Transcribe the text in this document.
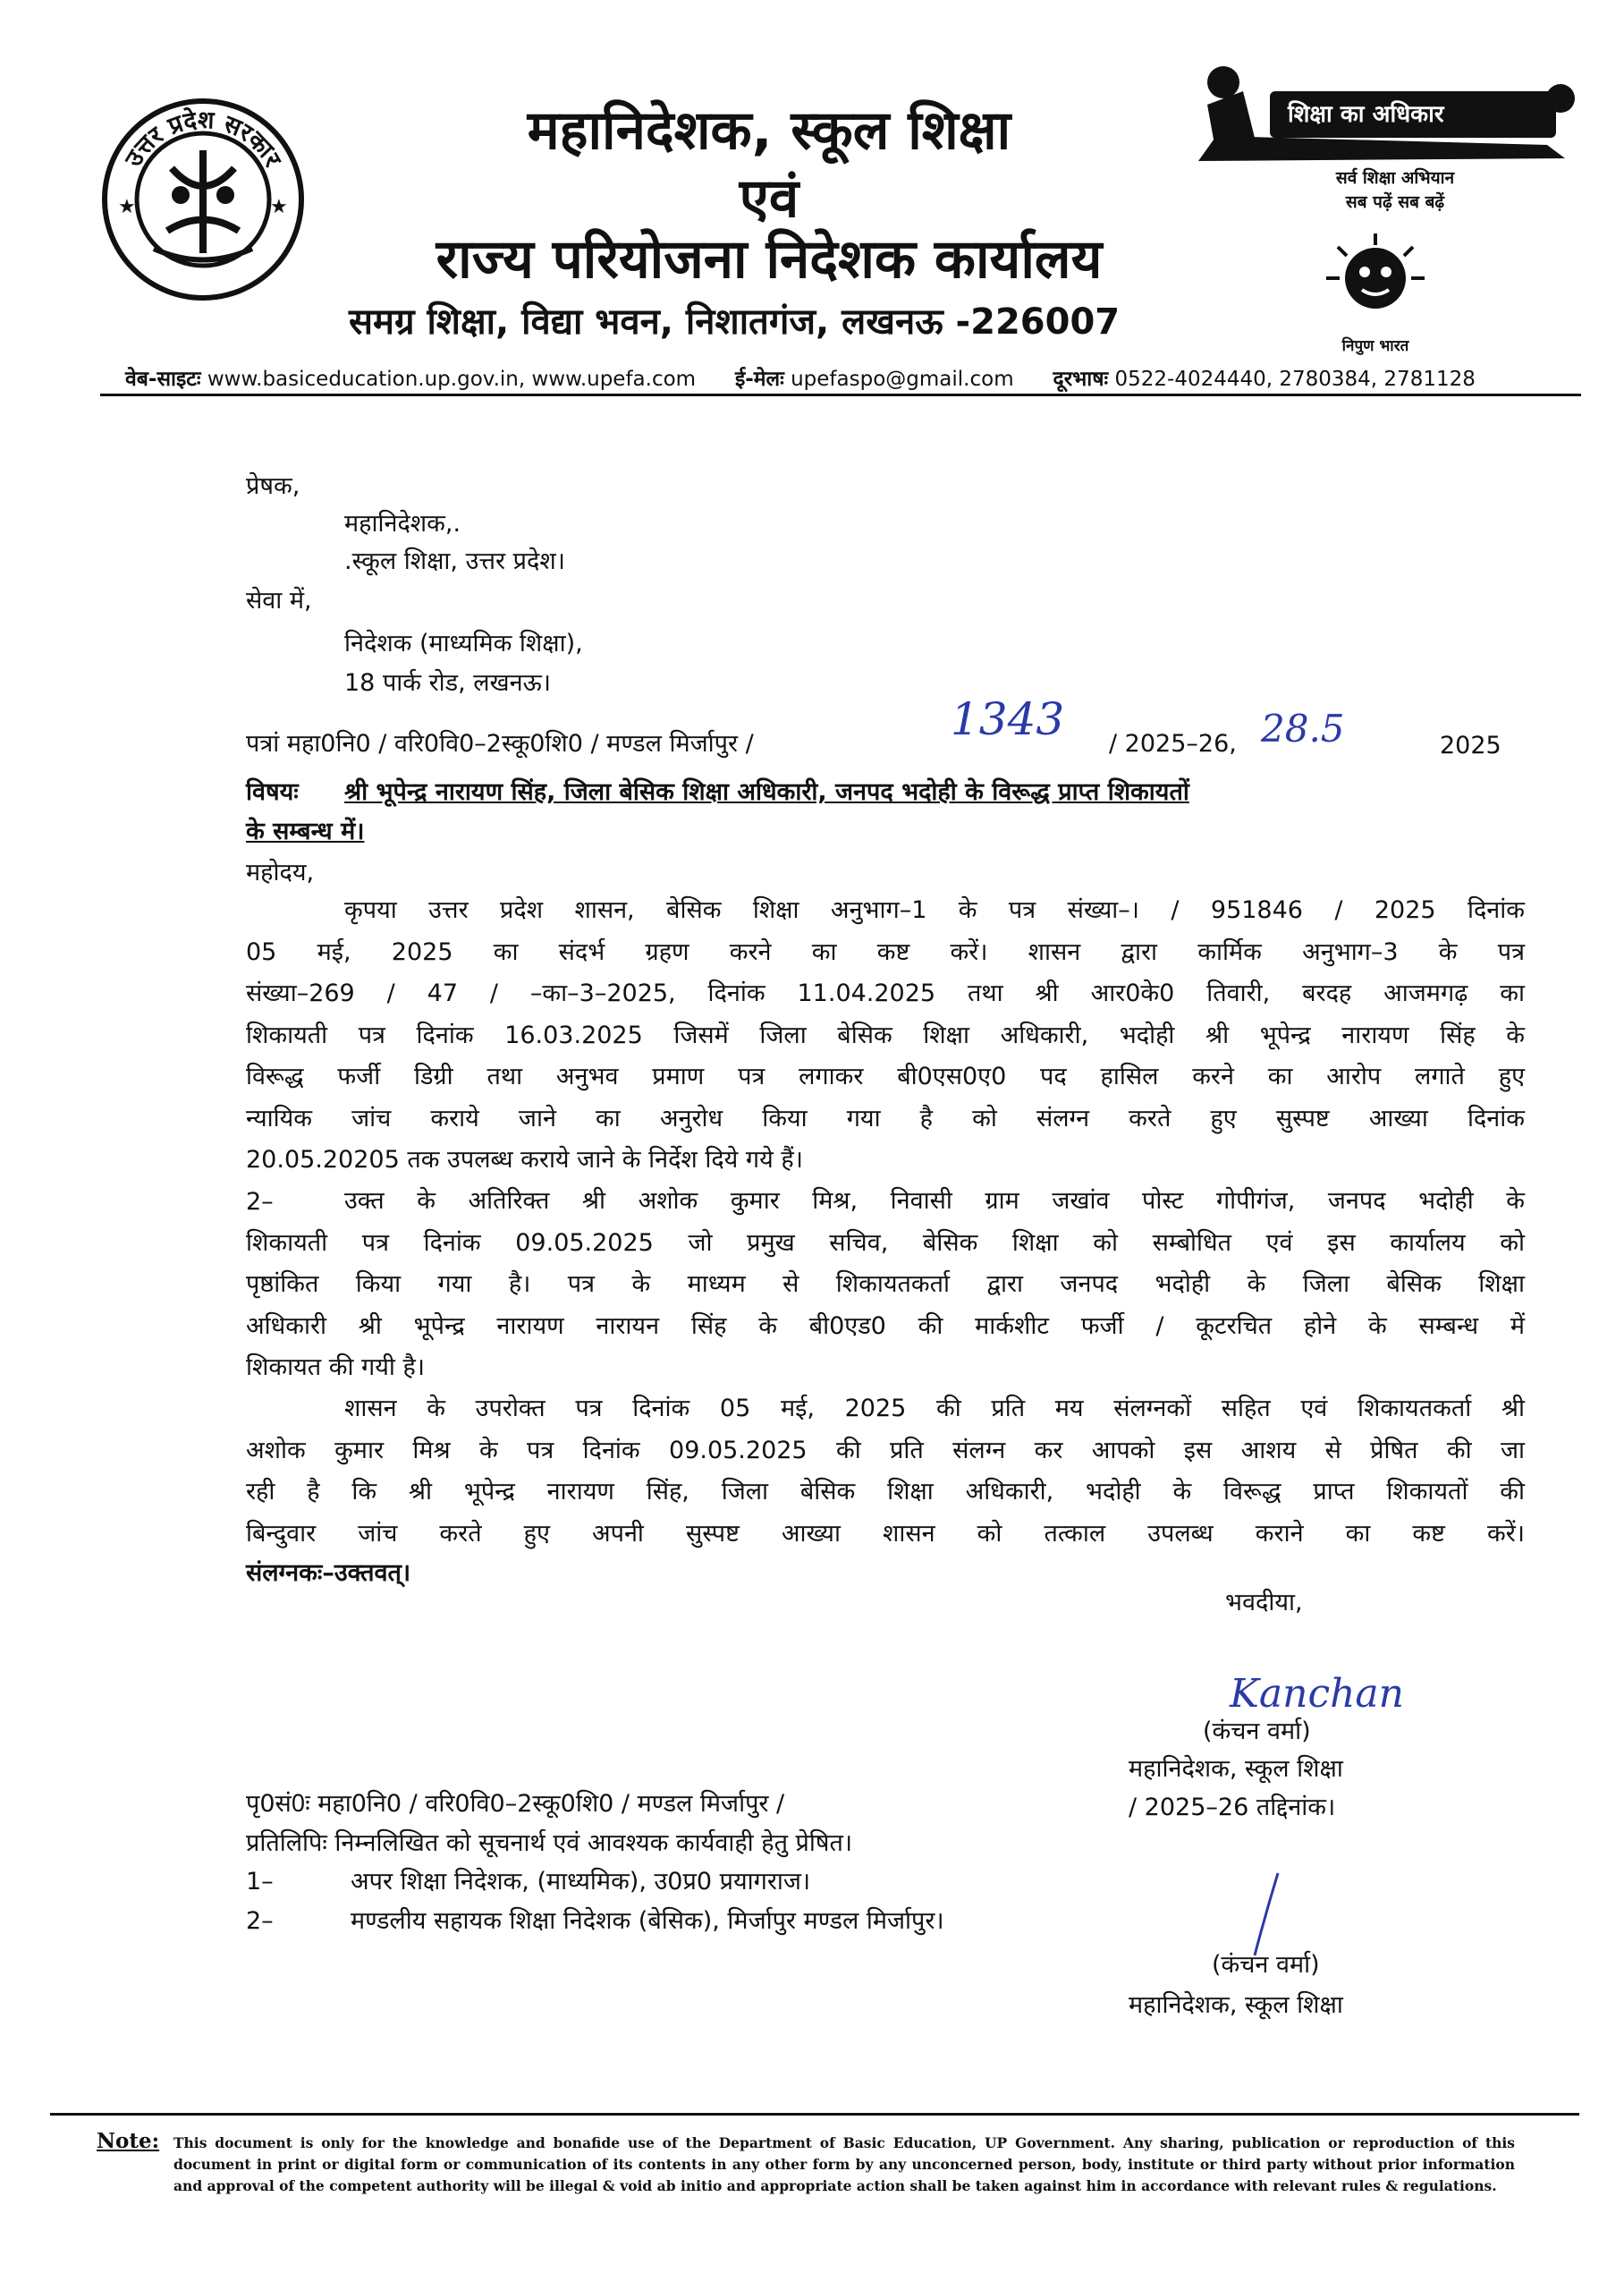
उत्तर प्रदेश सरकार
★	★
महानिदेशक, स्कूल शिक्षा
एवं
राज्य परियोजना निदेशक कार्यालय
समग्र शिक्षा, विद्या भवन, निशातगंज, लखनऊ -226007
शिक्षा का अधिकार
सर्व शिक्षा अभियान
सब पढ़ें सब बढ़ें
निपुण भारत
वेब-साइटः www.basiceducation.up.gov.in, www.upefa.com ई-मेलः upefaspo@gmail.com दूरभाषः 0522-4024440, 2780384, 2781128
प्रेषक,
महानिदेशक,.
.स्कूल शिक्षा, उत्तर प्रदेश।
सेवा में,
निदेशक (माध्यमिक शिक्षा),
18 पार्क रोड, लखनऊ।
पत्रां महा0नि0 / वरि0वि0–2स्कू0शि0 / मण्डल मिर्जापुर /	1343 / 2025–26, 28.5	2025
विषयः श्री भूपेन्द्र नारायण सिंह, जिला बेसिक शिक्षा अधिकारी, जनपद भदोही के विरूद्ध प्राप्त शिकायतों
के सम्बन्ध में।
महोदय,
कृपया उत्तर प्रदेश शासन, बेसिक शिक्षा अनुभाग–1 के पत्र संख्या–। / 951846 / 2025 दिनांक
05 मई, 2025 का संदर्भ ग्रहण करने का कष्ट करें। शासन द्वारा कार्मिक अनुभाग–3 के पत्र
संख्या–269 / 47 / –का–3–2025, दिनांक 11.04.2025 तथा श्री आर0के0 तिवारी, बरदह आजमगढ़ का
शिकायती पत्र दिनांक 16.03.2025 जिसमें जिला बेसिक शिक्षा अधिकारी, भदोही श्री भूपेन्द्र नारायण सिंह के
विरूद्ध फर्जी डिग्री तथा अनुभव प्रमाण पत्र लगाकर बी0एस0ए0 पद हासिल करने का आरोप लगाते हुए
न्यायिक जांच कराये जाने का अनुरोध किया गया है को संलग्न करते हुए सुस्पष्ट आख्या दिनांक
20.05.20205 तक उपलब्ध कराये जाने के निर्देश दिये गये हैं।
2–	उक्त के अतिरिक्त श्री अशोक कुमार मिश्र, निवासी ग्राम जखांव पोस्ट गोपीगंज, जनपद भदोही के
शिकायती पत्र दिनांक 09.05.2025 जो प्रमुख सचिव, बेसिक शिक्षा को सम्बोधित एवं इस कार्यालय को
पृष्ठांकित किया गया है। पत्र के माध्यम से शिकायतकर्ता द्वारा जनपद भदोही के जिला बेसिक शिक्षा
अधिकारी श्री भूपेन्द्र नारायण नारायन सिंह के बी0एड0 की मार्कशीट फर्जी / कूटरचित होने के सम्बन्ध में
शिकायत की गयी है।
शासन के उपरोक्त पत्र दिनांक 05 मई, 2025 की प्रति मय संलग्नकों सहित एवं शिकायतकर्ता श्री
अशोक कुमार मिश्र के पत्र दिनांक 09.05.2025 की प्रति संलग्न कर आपको इस आशय से प्रेषित की जा
रही है कि श्री भूपेन्द्र नारायण सिंह, जिला बेसिक शिक्षा अधिकारी, भदोही के विरूद्ध प्राप्त शिकायतों की
बिन्दुवार जांच करते हुए अपनी सुस्पष्ट आख्या शासन को तत्काल उपलब्ध कराने का कष्ट करें।
संलग्नकः–उक्तवत्।
भवदीया,
Kanchan
(कंचन वर्मा)
महानिदेशक, स्कूल शिक्षा
पृ0सं0ः महा0नि0 / वरि0वि0–2स्कू0शि0 / मण्डल मिर्जापुर /	/ 2025–26 तद्दिनांक।
प्रतिलिपिः निम्नलिखित को सूचनार्थ एवं आवश्यक कार्यवाही हेतु प्रेषित।
1–	अपर शिक्षा निदेशक, (माध्यमिक), उ0प्र0 प्रयागराज।
2–	मण्डलीय सहायक शिक्षा निदेशक (बेसिक), मिर्जापुर मण्डल मिर्जापुर।
(कंचन वर्मा)
महानिदेशक, स्कूल शिक्षा
Note: This document is only for the knowledge and bonafide use of the Department of Basic Education, UP Government. Any sharing, publication or reproduction of this document in print or digital form or communication of its contents in any other form by any unconcerned person, body, institute or third party without prior information and approval of the competent authority will be illegal & void ab initio and appropriate action shall be taken against him in accordance with relevant rules & regulations.
